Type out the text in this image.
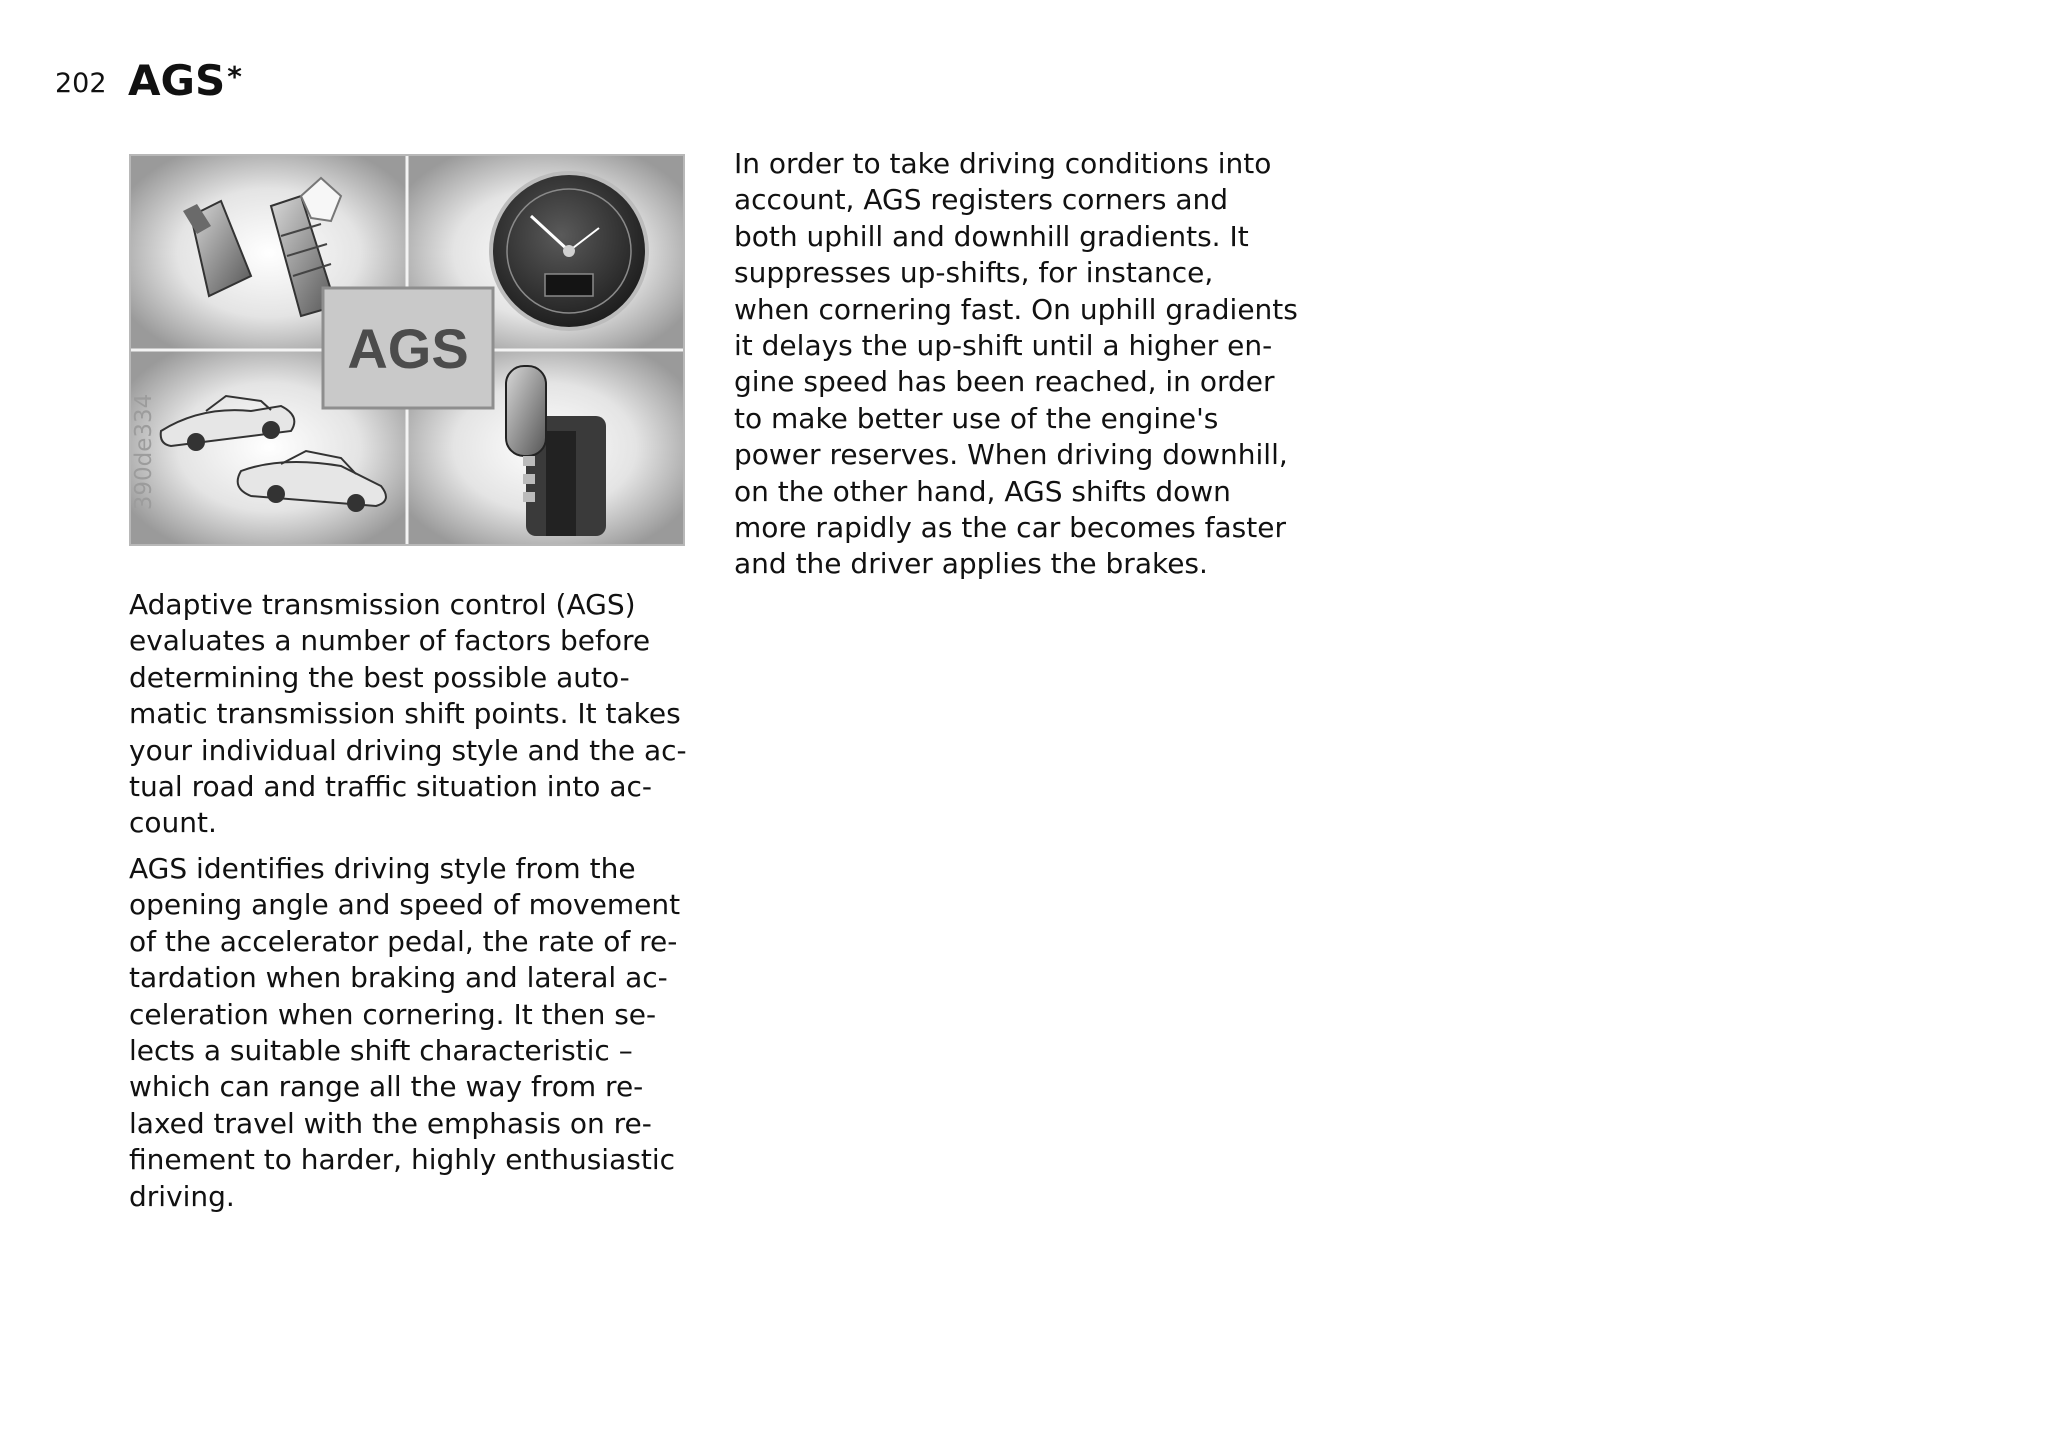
202 AGS*
AGS
390de334

Adaptive transmission control (AGS)
evaluates a number of factors before
determining the best possible auto-
matic transmission shift points. It takes
your individual driving style and the ac-
tual road and traffic situation into ac-
count.

AGS identifies driving style from the
opening angle and speed of movement
of the accelerator pedal, the rate of re-
tardation when braking and lateral ac-
celeration when cornering. It then se-
lects a suitable shift characteristic –
which can range all the way from re-
laxed travel with the emphasis on re-
finement to harder, highly enthusiastic
driving.

In order to take driving conditions into
account, AGS registers corners and
both uphill and downhill gradients. It
suppresses up-shifts, for instance,
when cornering fast. On uphill gradients
it delays the up-shift until a higher en-
gine speed has been reached, in order
to make better use of the engine's
power reserves. When driving downhill,
on the other hand, AGS shifts down
more rapidly as the car becomes faster
and the driver applies the brakes.
